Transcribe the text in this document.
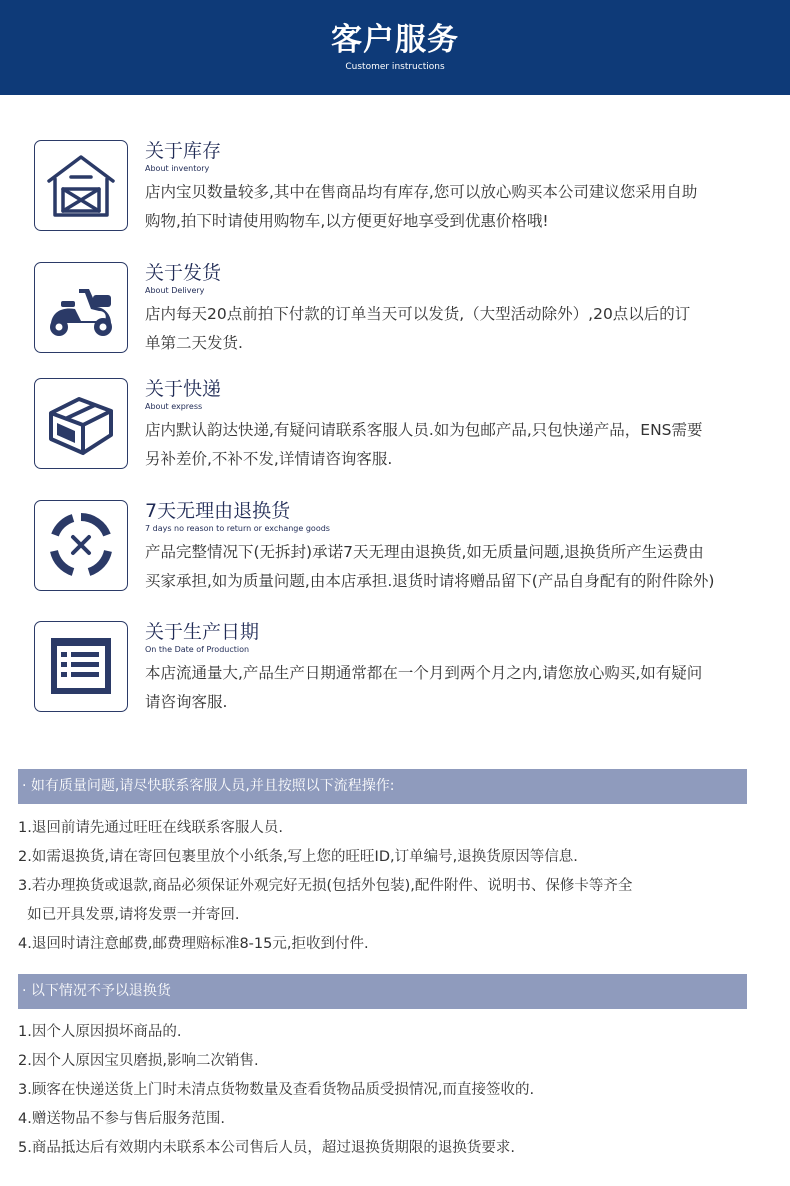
客户服务
Customer instructions
关于库存
About inventory
店内宝贝数量较多,其中在售商品均有库存,您可以放心购买本公司建议您采用自助
购物,拍下时请使用购物车,以方便更好地享受到优惠价格哦!
关于发货
About Delivery
店内每天20点前拍下付款的订单当天可以发货,（大型活动除外）,20点以后的订
单第二天发货.
关于快递
About express
店内默认韵达快递,有疑问请联系客服人员.如为包邮产品,只包快递产品，ENS需要
另补差价,不补不发,详情请咨询客服.
7天无理由退换货
7 days no reason to return or exchange goods
产品完整情况下(无拆封)承诺7天无理由退换货,如无质量问题,退换货所产生运费由
买家承担,如为质量问题,由本店承担.退货时请将赠品留下(产品自身配有的附件除外)
关于生产日期
On the Date of Production
本店流通量大,产品生产日期通常都在一个月到两个月之内,请您放心购买,如有疑问
请咨询客服.
· 如有质量问题,请尽快联系客服人员,并且按照以下流程操作:
1.退回前请先通过旺旺在线联系客服人员.
2.如需退换货,请在寄回包裹里放个小纸条,写上您的旺旺ID,订单编号,退换货原因等信息.
3.若办理换货或退款,商品必须保证外观完好无损(包括外包装),配件附件、说明书、保修卡等齐全
如已开具发票,请将发票一并寄回.
4.退回时请注意邮费,邮费理赔标准8-15元,拒收到付件.
· 以下情况不予以退换货
1.因个人原因损坏商品的.
2.因个人原因宝贝磨损,影响二次销售.
3.顾客在快递送货上门时未清点货物数量及查看货物品质受损情况,而直接签收的.
4.赠送物品不参与售后服务范围.
5.商品抵达后有效期内未联系本公司售后人员，超过退换货期限的退换货要求.
